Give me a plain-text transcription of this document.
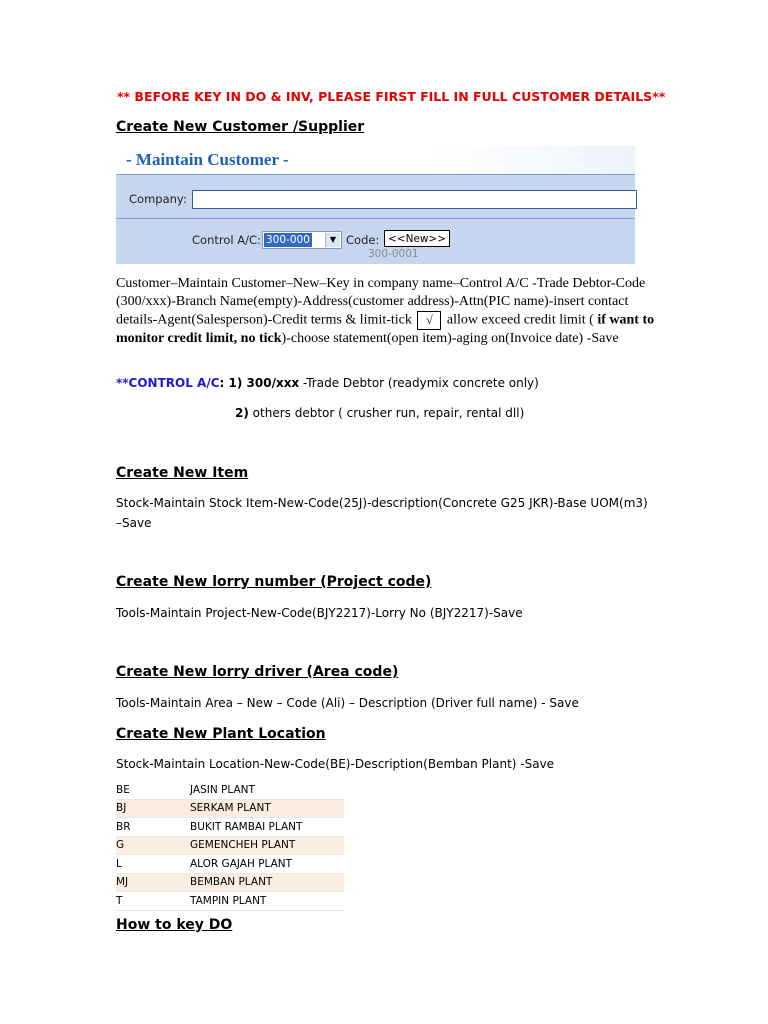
** BEFORE KEY IN DO & INV, PLEASE FIRST FILL IN FULL CUSTOMER DETAILS**
Create New Customer /Supplier
- Maintain Customer -
Company:
Control A/C: 300-000	▼ Code: <<New>>
300-0001
Customer–Maintain Customer–New–Key in company name–Control A/C -Trade Debtor-Code (300/xxx)-Branch Name(empty)-Address(customer address)-Attn(PIC name)-insert contact details-Agent(Salesperson)-Credit terms & limit-tick √ allow exceed credit limit ( if want to monitor credit limit, no tick)-choose statement(open item)-aging on(Invoice date) -Save
**CONTROL A/C: 1) 300/xxx -Trade Debtor (readymix concrete only)
2) others debtor ( crusher run, repair, rental dll)
Create New Item
Stock-Maintain Stock Item-New-Code(25J)-description(Concrete G25 JKR)-Base UOM(m3) –Save
Create New lorry number (Project code)
Tools-Maintain Project-New-Code(BJY2217)-Lorry No (BJY2217)-Save
Create New lorry driver (Area code)
Tools-Maintain Area – New – Code (Ali) – Description (Driver full name) - Save
Create New Plant Location
Stock-Maintain Location-New-Code(BE)-Description(Bemban Plant) -Save
BE	JASIN PLANT
BJ	SERKAM PLANT
BR	BUKIT RAMBAI PLANT
G	GEMENCHEH PLANT
L	ALOR GAJAH PLANT
MJ	BEMBAN PLANT
T	TAMPIN PLANT
How to key DO
